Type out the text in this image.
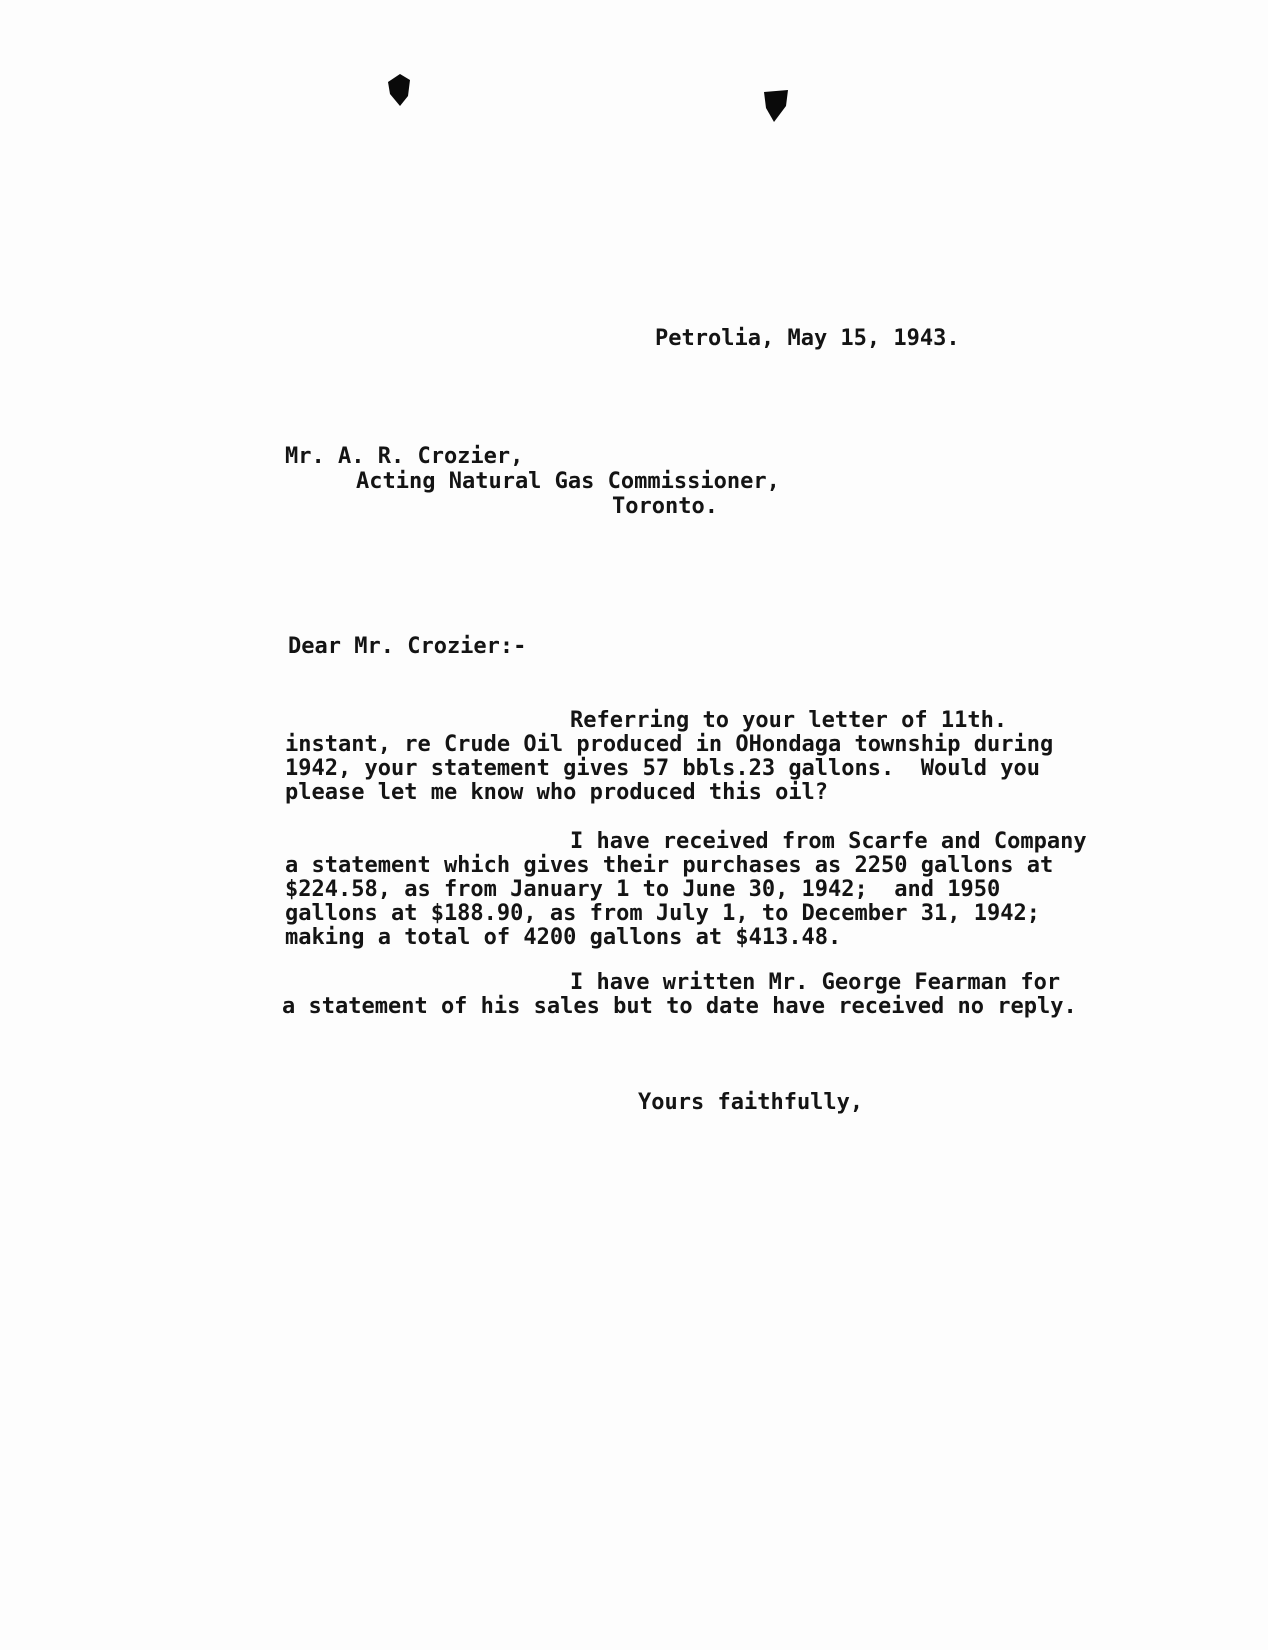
Petrolia, May 15, 1943.
Mr. A. R. Crozier,
Acting Natural Gas Commissioner,
Toronto.
Dear Mr. Crozier:-
Referring to your letter of 11th.
instant, re Crude Oil produced in OHondaga township during
1942, your statement gives 57 bbls.23 gallons.  Would you
please let me know who produced this oil?
I have received from Scarfe and Company
a statement which gives their purchases as 2250 gallons at
$224.58, as from January 1 to June 30, 1942;  and 1950
gallons at $188.90, as from July 1, to December 31, 1942;
making a total of 4200 gallons at $413.48.
I have written Mr. George Fearman for
a statement of his sales but to date have received no reply.
Yours faithfully,
